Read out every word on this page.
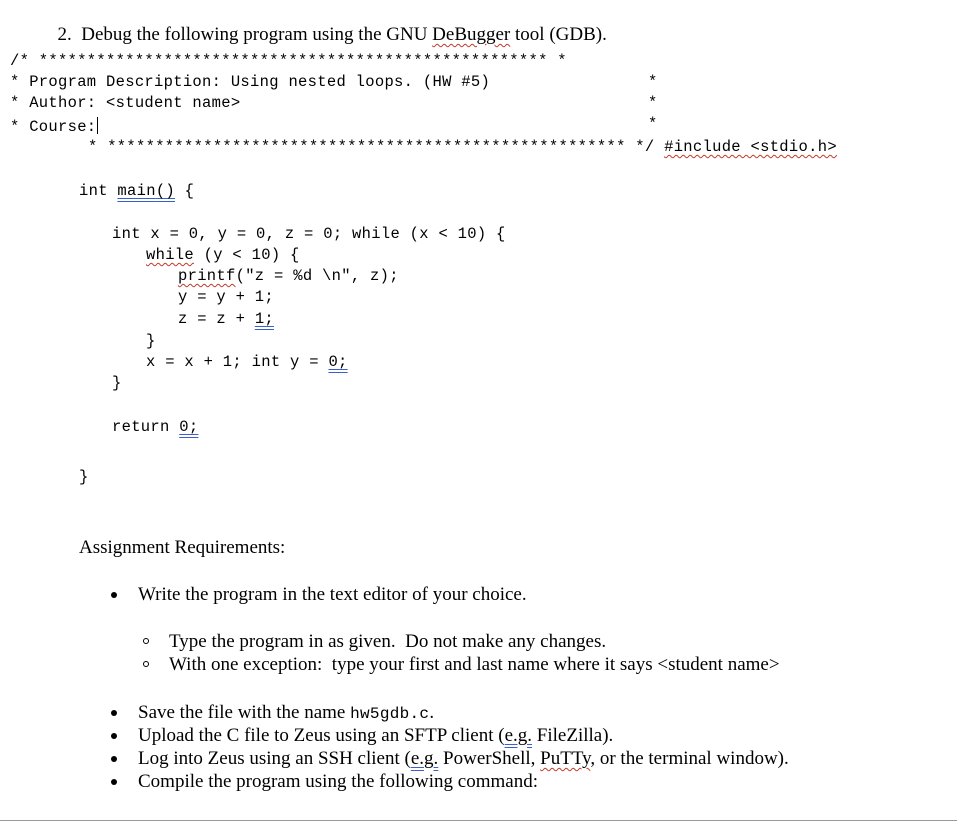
2. Debug the following program using the GNU DeBugger tool (GDB).

/* ***************************************************** *
* Program Description: Using nested loops. (HW #5)	*
* Author: <student name>	*
* Course:	*
* ****************************************************** */ #include <stdio.h>
int main() {
int x = 0, y = 0, z = 0; while (x < 10) {
while (y < 10) {
printf("z = %d \n", z);
y = y + 1;
z = z + 1;
}
x = x + 1; int y = 0;
}
return 0;
}
Assignment Requirements:
Write the program in the text editor of your choice.
Type the program in as given.  Do not make any changes.
With one exception:  type your first and last name where it says <student name>
Save the file with the name hw5gdb.c.
Upload the C file to Zeus using an SFTP client (e.g. FileZilla).
Log into Zeus using an SSH client (e.g. PowerShell, PuTTy, or the terminal window).
Compile the program using the following command:
